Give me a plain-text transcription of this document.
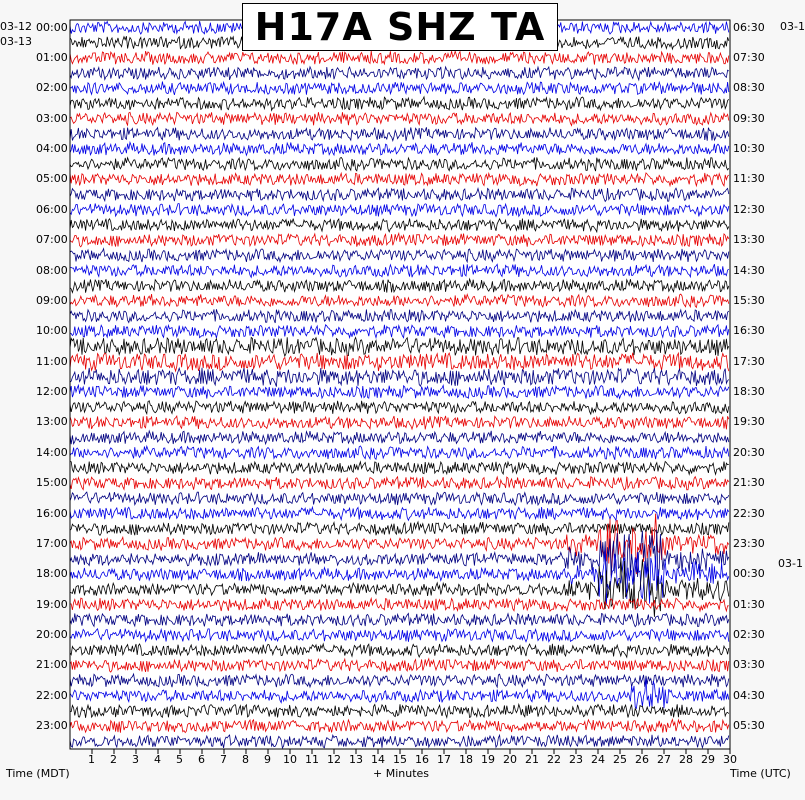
H17A SHZ TA
03-12
03-13
03-1
03-1
00:00
01:00
02:00
03:00
04:00
05:00
06:00
07:00
08:00
09:00
10:00
11:00
12:00
13:00
14:00
15:00
16:00
17:00
18:00
19:00
20:00
21:00
22:00
23:00
06:30
07:30
08:30
09:30
10:30
11:30
12:30
13:30
14:30
15:30
16:30
17:30
18:30
19:30
20:30
21:30
22:30
23:30
00:30
01:30
02:30
03:30
04:30
05:30
1 2 3 4 5 6 7 8 9 10 11 12 13 14 15 16 17 18 19 20 21 22 23 24 25 26 27 28 29 30
Time (MDT)	+ Minutes	Time (UTC)
